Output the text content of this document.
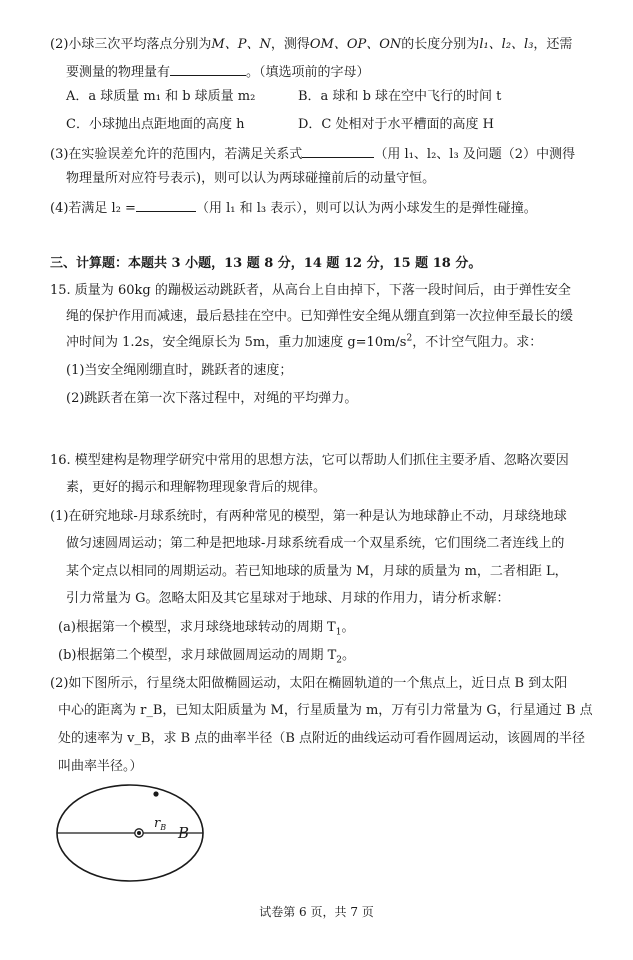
(2)小球三次平均落点分别为M、P、N，测得OM、OP、ON的长度分别为l₁、l₂、l₃，还需
要测量的物理量有	。（填选项前的字母）
A．a 球质量 m₁ 和 b 球质量 m₂	B．a 球和 b 球在空中飞行的时间 t
C．小球抛出点距地面的高度 h	D．C 处相对于水平槽面的高度 H
(3)在实验误差允许的范围内，若满足关系式	（用 l₁、l₂、l₃ 及问题（2）中测得
物理量所对应符号表示)，则可以认为两球碰撞前后的动量守恒。
(4)若满足 l₂ =	（用 l₁ 和 l₃ 表示），则可以认为两小球发生的是弹性碰撞。
三、计算题：本题共 3 小题，13 题 8 分，14 题 12 分，15 题 18 分。
15. 质量为 60kg 的蹦极运动跳跃者，从高台上自由掉下，下落一段时间后，由于弹性安全
绳的保护作用而减速，最后悬挂在空中。已知弹性安全绳从绷直到第一次拉伸至最长的缓
冲时间为 1.2s，安全绳原长为 5m，重力加速度 $g=10m/s^2$，不计空气阻力。求：
(1)当安全绳刚绷直时，跳跃者的速度；
(2)跳跃者在第一次下落过程中，对绳的平均弹力。
16. 模型建构是物理学研究中常用的思想方法，它可以帮助人们抓住主要矛盾、忽略次要因
素，更好的揭示和理解物理现象背后的规律。
(1)在研究地球-月球系统时，有两种常见的模型，第一种是认为地球静止不动，月球绕地球
做匀速圆周运动；第二种是把地球-月球系统看成一个双星系统，它们围绕二者连线上的
某个定点以相同的周期运动。若已知地球的质量为 M，月球的质量为 m，二者相距 L，
引力常量为 G。忽略太阳及其它星球对于地球、月球的作用力，请分析求解：
(a)根据第一个模型，求月球绕地球转动的周期 $T_1$。
(b)根据第二个模型，求月球做圆周运动的周期 $T_2$。
(2)如下图所示，行星绕太阳做椭圆运动，太阳在椭圆轨道的一个焦点上，近日点 B 到太阳
中心的距离为 r_B，已知太阳质量为 M，行星质量为 m，万有引力常量为 G，行星通过 B 点
处的速率为 v_B，求 B 点的曲率半径（B 点附近的曲线运动可看作圆周运动，该圆周的半径
叫曲率半径。）
$r_B$ B
试卷第 6 页，共 7 页
